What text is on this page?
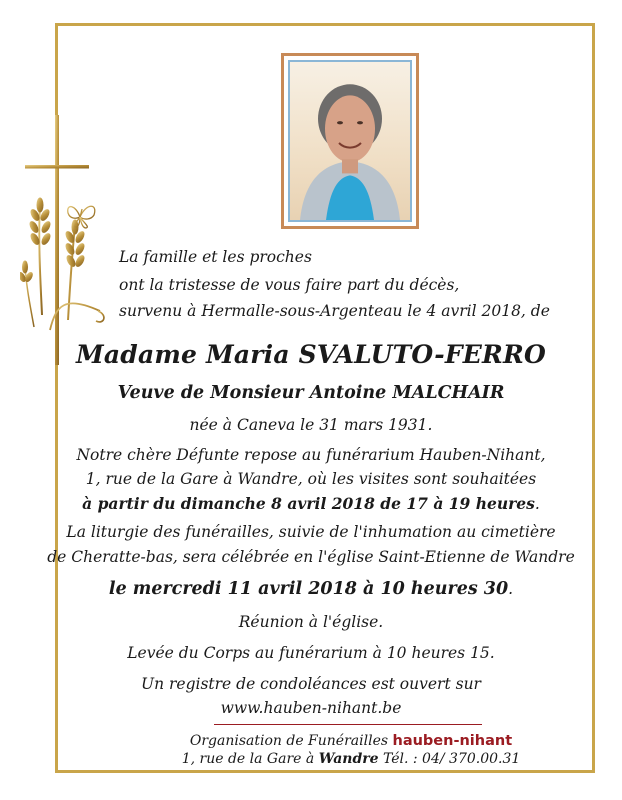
La famille et les proches
ont la tristesse de vous faire part du décès,
survenu à Hermalle-sous-Argenteau le 4 avril 2018, de
Madame Maria SVALUTO-FERRO
Veuve de Monsieur Antoine MALCHAIR
née à Caneva le 31 mars 1931.
Notre chère Défunte repose au funérarium Hauben-Nihant,
1, rue de la Gare à Wandre, où les visites sont souhaitées
à partir du dimanche 8 avril 2018 de 17 à 19 heures.
La liturgie des funérailles, suivie de l'inhumation au cimetière
de Cheratte-bas, sera célébrée en l'église Saint-Etienne de Wandre
le mercredi 11 avril 2018 à 10 heures 30.
Réunion à l'église.
Levée du Corps au funérarium à 10 heures 15.
Un registre de condoléances est ouvert sur
www.hauben-nihant.be
Organisation de Funérailles hauben-nihant
1, rue de la Gare à Wandre Tél. : 04/ 370.00.31
